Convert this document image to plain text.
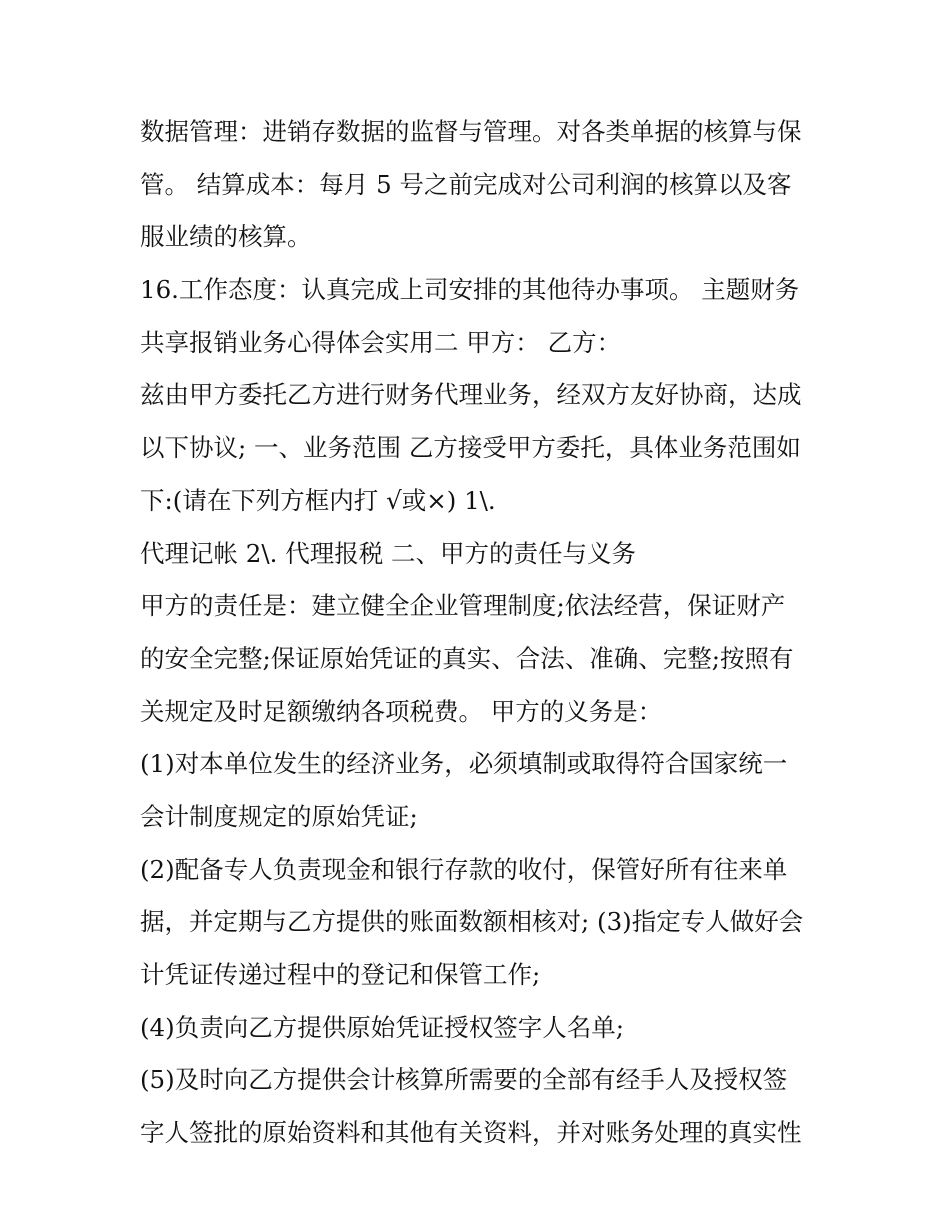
数据管理：进销存数据的监督与管理。对各类单据的核算与保
管。 结算成本：每月 5 号之前完成对公司利润的核算以及客
服业绩的核算。
16.工作态度：认真完成上司安排的其他待办事项。 主题财务
共享报销业务心得体会实用二 甲方： 乙方：
兹由甲方委托乙方进行财务代理业务，经双方友好协商，达成
以下协议; 一、业务范围 乙方接受甲方委托，具体业务范围如
下:(请在下列方框内打 √或×) 1\.
代理记帐 2\. 代理报税 二、甲方的责任与义务
甲方的责任是：建立健全企业管理制度;依法经营，保证财产
的安全完整;保证原始凭证的真实、合法、准确、完整;按照有
关规定及时足额缴纳各项税费。 甲方的义务是：
(1)对本单位发生的经济业务，必须填制或取得符合国家统一
会计制度规定的原始凭证;
(2)配备专人负责现金和银行存款的收付，保管好所有往来单
据，并定期与乙方提供的账面数额相核对; (3)指定专人做好会
计凭证传递过程中的登记和保管工作;
(4)负责向乙方提供原始凭证授权签字人名单;
(5)及时向乙方提供会计核算所需要的全部有经手人及授权签
字人签批的原始资料和其他有关资料，并对账务处理的真实性
